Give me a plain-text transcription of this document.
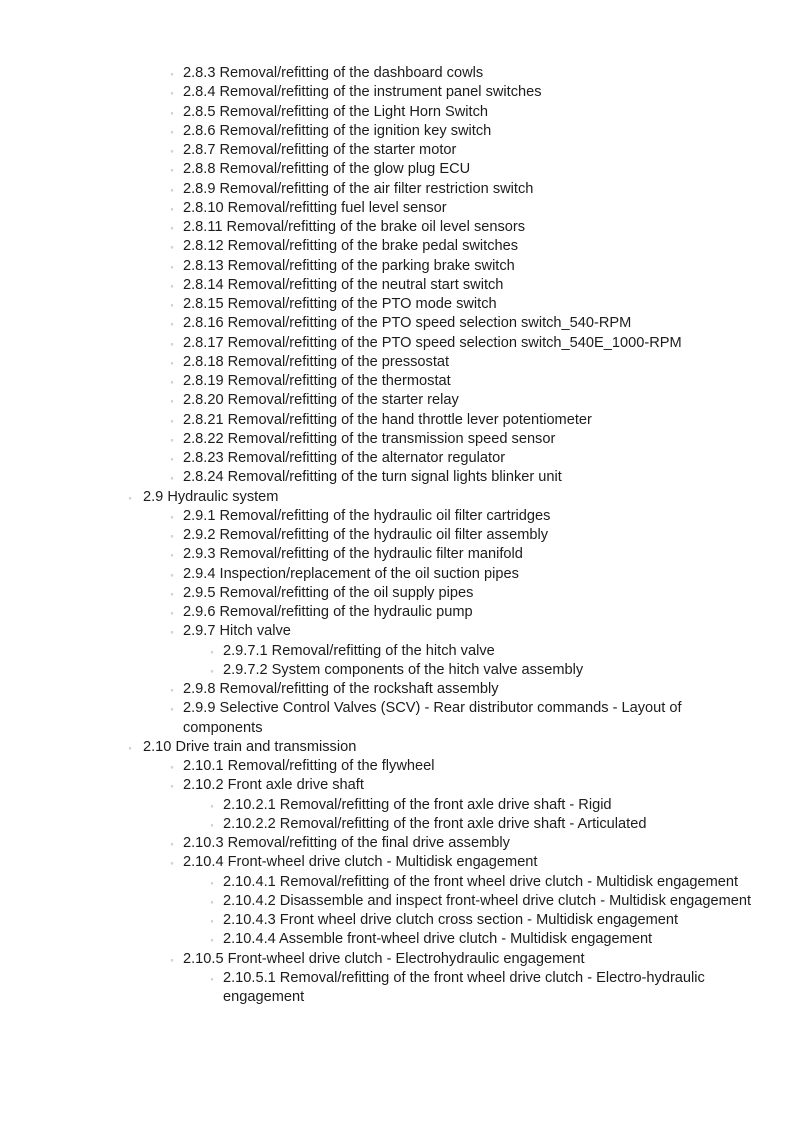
◦ 2.8.3 Removal/refitting of the dashboard cowls
◦ 2.8.4 Removal/refitting of the instrument panel switches
◦ 2.8.5 Removal/refitting of the Light Horn Switch
◦ 2.8.6 Removal/refitting of the ignition key switch
◦ 2.8.7 Removal/refitting of the starter motor
◦ 2.8.8 Removal/refitting of the glow plug ECU
◦ 2.8.9 Removal/refitting of the air filter restriction switch
◦ 2.8.10 Removal/refitting fuel level sensor
◦ 2.8.11 Removal/refitting of the brake oil level sensors
◦ 2.8.12 Removal/refitting of the brake pedal switches
◦ 2.8.13 Removal/refitting of the parking brake switch
◦ 2.8.14 Removal/refitting of the neutral start switch
◦ 2.8.15 Removal/refitting of the PTO mode switch
◦ 2.8.16 Removal/refitting of the PTO speed selection switch_540-RPM
◦ 2.8.17 Removal/refitting of the PTO speed selection switch_540E_1000-RPM
◦ 2.8.18 Removal/refitting of the pressostat
◦ 2.8.19 Removal/refitting of the thermostat
◦ 2.8.20 Removal/refitting of the starter relay
◦ 2.8.21 Removal/refitting of the hand throttle lever potentiometer
◦ 2.8.22 Removal/refitting of the transmission speed sensor
◦ 2.8.23 Removal/refitting of the alternator regulator
◦ 2.8.24 Removal/refitting of the turn signal lights blinker unit
◦ 2.9 Hydraulic system
◦ 2.9.1 Removal/refitting of the hydraulic oil filter cartridges
◦ 2.9.2 Removal/refitting of the hydraulic oil filter assembly
◦ 2.9.3 Removal/refitting of the hydraulic filter manifold
◦ 2.9.4 Inspection/replacement of the oil suction pipes
◦ 2.9.5 Removal/refitting of the oil supply pipes
◦ 2.9.6 Removal/refitting of the hydraulic pump
◦ 2.9.7 Hitch valve
◦ 2.9.7.1 Removal/refitting of the hitch valve
◦ 2.9.7.2 System components of the hitch valve assembly
◦ 2.9.8 Removal/refitting of the rockshaft assembly
◦ 2.9.9 Selective Control Valves (SCV) - Rear distributor commands - Layout of components
◦ 2.10 Drive train and transmission
◦ 2.10.1 Removal/refitting of the flywheel
◦ 2.10.2 Front axle drive shaft
◦ 2.10.2.1 Removal/refitting of the front axle drive shaft - Rigid
◦ 2.10.2.2 Removal/refitting of the front axle drive shaft - Articulated
◦ 2.10.3 Removal/refitting of the final drive assembly
◦ 2.10.4 Front-wheel drive clutch - Multidisk engagement
◦ 2.10.4.1 Removal/refitting of the front wheel drive clutch - Multidisk engagement
◦ 2.10.4.2 Disassemble and inspect front-wheel drive clutch - Multidisk engagement
◦ 2.10.4.3 Front wheel drive clutch cross section - Multidisk engagement
◦ 2.10.4.4 Assemble front-wheel drive clutch - Multidisk engagement
◦ 2.10.5 Front-wheel drive clutch - Electrohydraulic engagement
◦ 2.10.5.1 Removal/refitting of the front wheel drive clutch - Electro-hydraulic engagement
